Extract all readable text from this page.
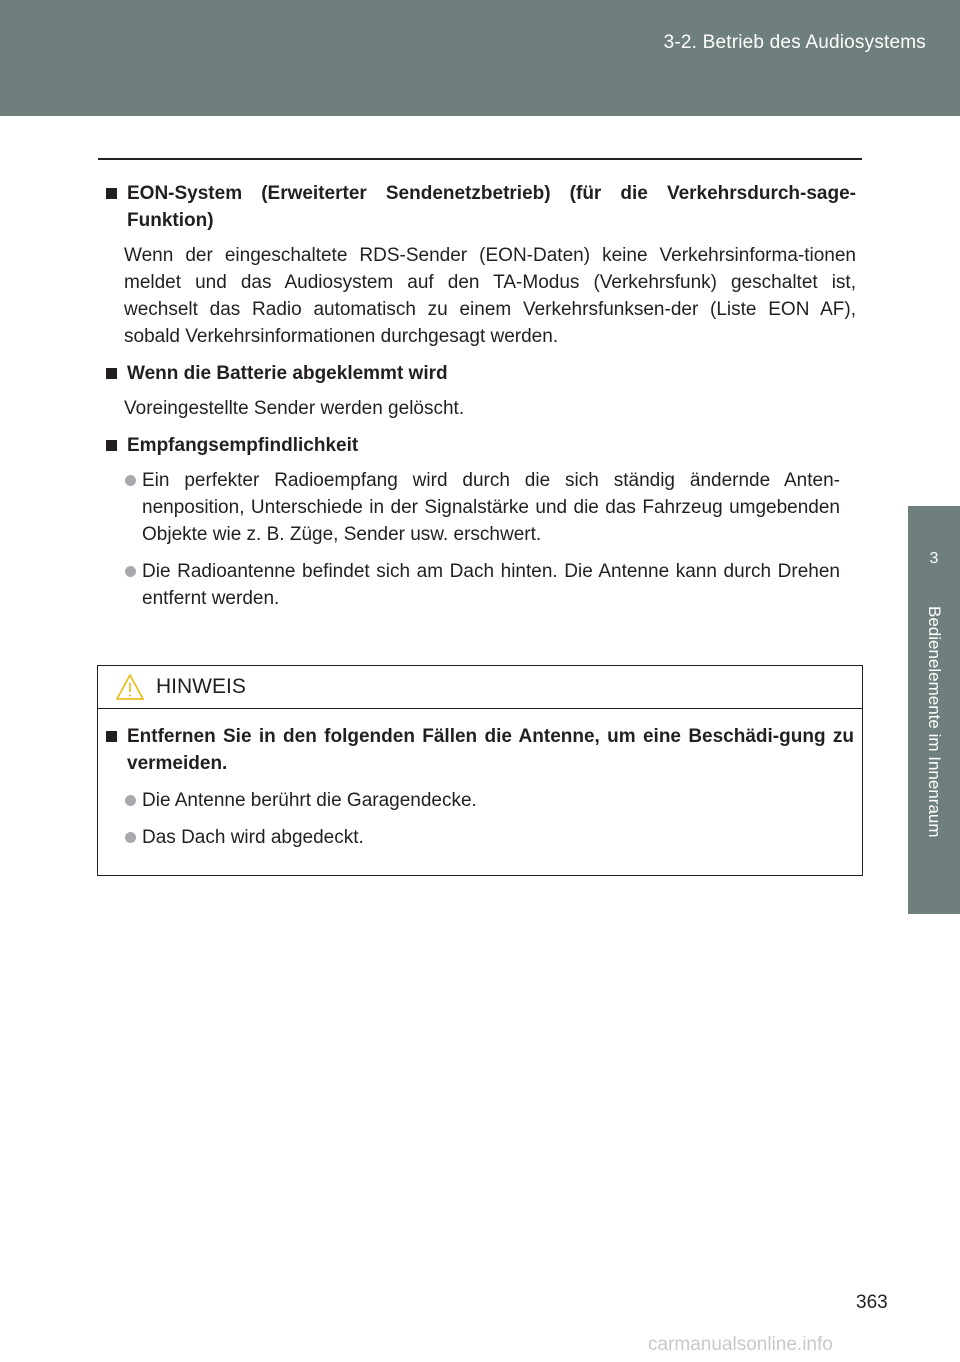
3-2. Betrieb des Audiosystems
3
Bedienelemente im Innenraum
EON-System (Erweiterter Sendenetzbetrieb) (für die Verkehrsdurch-sage-Funktion)
Wenn der eingeschaltete RDS-Sender (EON-Daten) keine Verkehrsinforma-tionen meldet und das Audiosystem auf den TA-Modus (Verkehrsfunk) geschaltet ist, wechselt das Radio automatisch zu einem Verkehrsfunksen-der (Liste EON AF), sobald Verkehrsinformationen durchgesagt werden.
Wenn die Batterie abgeklemmt wird
Voreingestellte Sender werden gelöscht.
Empfangsempfindlichkeit
Ein perfekter Radioempfang wird durch die sich ständig ändernde Anten-nenposition, Unterschiede in der Signalstärke und die das Fahrzeug umgebenden Objekte wie z. B. Züge, Sender usw. erschwert.
Die Radioantenne befindet sich am Dach hinten. Die Antenne kann durch Drehen entfernt werden.
HINWEIS
Entfernen Sie in den folgenden Fällen die Antenne, um eine Beschädi-gung zu vermeiden.
Die Antenne berührt die Garagendecke.
Das Dach wird abgedeckt.
363
carmanualsonline.info
